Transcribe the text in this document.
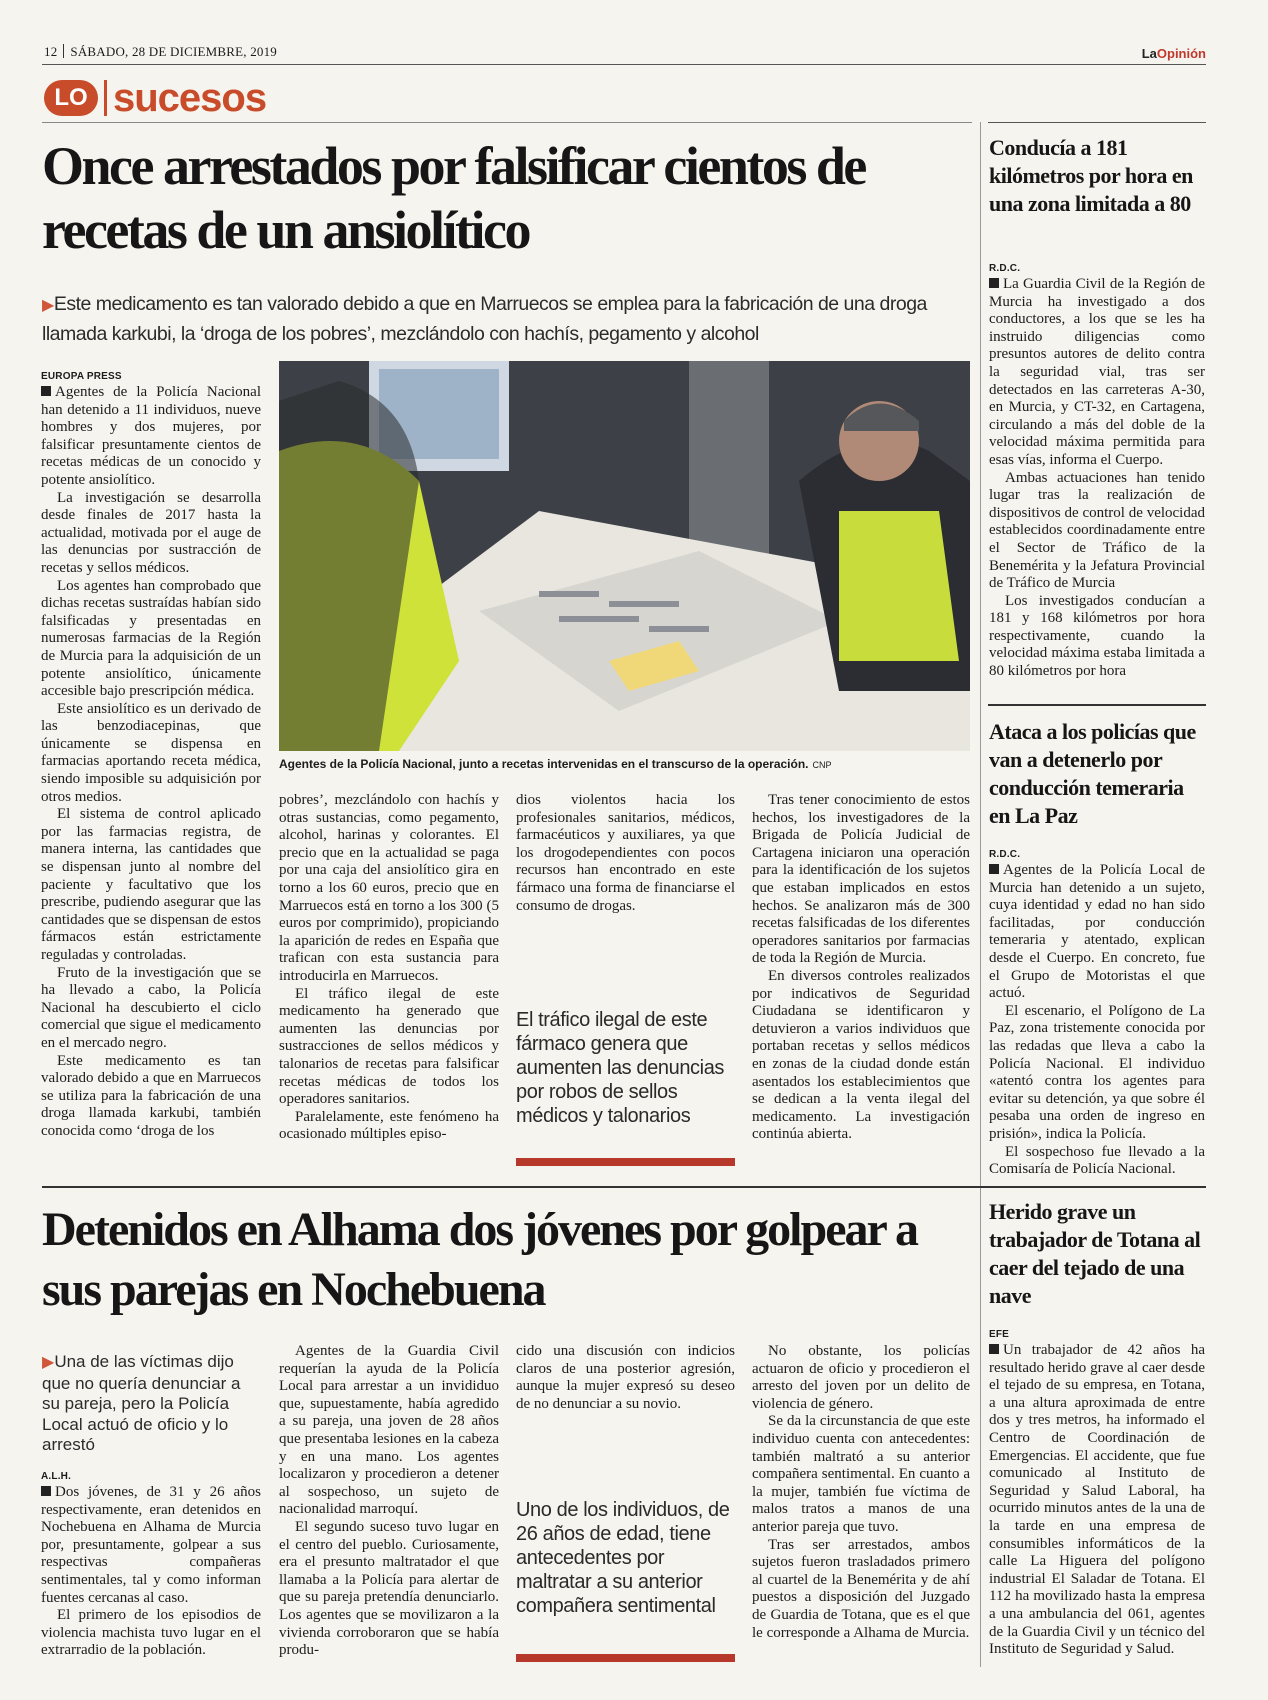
12 SÁBADO, 28 DE DICIEMBRE, 2019	LaOpinión
LO sucesos
Once arrestados por falsificar cientos de recetas de un ansiolítico
▶Este medicamento es tan valorado debido a que en Marruecos se emplea para la fabricación de una droga llamada karkubi, la ‘droga de los pobres’, mezclándolo con hachís, pegamento y alcohol
EUROPA PRESS

Agentes de la Policía Nacional han detenido a 11 individuos, nueve hombres y dos mujeres, por falsificar presuntamente cientos de recetas médicas de un conocido y potente ansiolítico.

La investigación se desarrolla desde finales de 2017 hasta la actualidad, motivada por el auge de las denuncias por sustracción de recetas y sellos médicos.

Los agentes han comprobado que dichas recetas sustraídas habían sido falsificadas y presentadas en numerosas farmacias de la Región de Murcia para la adquisición de un potente ansiolítico, únicamente accesible bajo prescripción médica.

Este ansiolítico es un derivado de las benzodiacepinas, que únicamente se dispensa en farmacias aportando receta médica, siendo imposible su adquisición por otros medios.

El sistema de control aplicado por las farmacias registra, de manera interna, las cantidades que se dispensan junto al nombre del paciente y facultativo que los prescribe, pudiendo asegurar que las cantidades que se dispensan de estos fármacos están estrictamente reguladas y controladas.

Fruto de la investigación que se ha llevado a cabo, la Policía Nacional ha descubierto el ciclo comercial que sigue el medicamento en el mercado negro.

Este medicamento es tan valorado debido a que en Marruecos se utiliza para la fabricación de una droga llamada karkubi, también conocida como ‘droga de los

Agentes de la Policía Nacional, junto a recetas intervenidas en el transcurso de la operación. CNP

pobres’, mezclándolo con hachís y otras sustancias, como pegamento, alcohol, harinas y colorantes. El precio que en la actualidad se paga por una caja del ansiolítico gira en torno a los 60 euros, precio que en Marruecos está en torno a los 300 (5 euros por comprimido), propiciando la aparición de redes en España que trafican con esta sustancia para introducirla en Marruecos.

El tráfico ilegal de este medicamento ha generado que aumenten las denuncias por sustracciones de sellos médicos y talonarios de recetas para falsificar recetas médicas de todos los operadores sanitarios.

Paralelamente, este fenómeno ha ocasionado múltiples episo-

dios violentos hacia los profesionales sanitarios, médicos, farmacéuticos y auxiliares, ya que los drogodependientes con pocos recursos han encontrado en este fármaco una forma de financiarse el consumo de drogas.

El tráfico ilegal de este fármaco genera que aumenten las denuncias por robos de sellos médicos y talonarios

Tras tener conocimiento de estos hechos, los investigadores de la Brigada de Policía Judicial de Cartagena iniciaron una operación para la identificación de los sujetos que estaban implicados en estos hechos. Se analizaron más de 300 recetas falsificadas de los diferentes operadores sanitarios por farmacias de toda la Región de Murcia.

En diversos controles realizados por indicativos de Seguridad Ciudadana se identificaron y detuvieron a varios individuos que portaban recetas y sellos médicos en zonas de la ciudad donde están asentados los establecimientos que se dedican a la venta ilegal del medicamento. La investigación continúa abierta.

Conducía a 181 kilómetros por hora en una zona limitada a 80
R.D.C.

La Guardia Civil de la Región de Murcia ha investigado a dos conductores, a los que se les ha instruido diligencias como presuntos autores de delito contra la seguridad vial, tras ser detectados en las carreteras A-30, en Murcia, y CT-32, en Cartagena, circulando a más del doble de la velocidad máxima permitida para esas vías, informa el Cuerpo.

Ambas actuaciones han tenido lugar tras la realización de dispositivos de control de velocidad establecidos coordinadamente entre el Sector de Tráfico de la Benemérita y la Jefatura Provincial de Tráfico de Murcia

Los investigados conducían a 181 y 168 kilómetros por hora respectivamente, cuando la velocidad máxima estaba limitada a 80 kilómetros por hora

Ataca a los policías que van a detenerlo por conducción temeraria en La Paz
R.D.C.

Agentes de la Policía Local de Murcia han detenido a un sujeto, cuya identidad y edad no han sido facilitadas, por conducción temeraria y atentado, explican desde el Cuerpo. En concreto, fue el Grupo de Motoristas el que actuó.

El escenario, el Polígono de La Paz, zona tristemente conocida por las redadas que lleva a cabo la Policía Nacional. El individuo «atentó contra los agentes para evitar su detención, ya que sobre él pesaba una orden de ingreso en prisión», indica la Policía.

El sospechoso fue llevado a la Comisaría de Policía Nacional.

Herido grave un trabajador de Totana al caer del tejado de una nave
EFE

Un trabajador de 42 años ha resultado herido grave al caer desde el tejado de su empresa, en Totana, a una altura aproximada de entre dos y tres metros, ha informado el Centro de Coordinación de Emergencias. El accidente, que fue comunicado al Instituto de Seguridad y Salud Laboral, ha ocurrido minutos antes de la una de la tarde en una empresa de consumibles informáticos de la calle La Higuera del polígono industrial El Saladar de Totana. El 112 ha movilizado hasta la empresa a una ambulancia del 061, agentes de la Guardia Civil y un técnico del Instituto de Seguridad y Salud.

Detenidos en Alhama dos jóvenes por golpear a sus parejas en Nochebuena
▶Una de las víctimas dijo que no quería denunciar a su pareja, pero la Policía Local actuó de oficio y lo arrestó
A.L.H.

Dos jóvenes, de 31 y 26 años respectivamente, eran detenidos en Nochebuena en Alhama de Murcia por, presuntamente, golpear a sus respectivas compañeras sentimentales, tal y como informan fuentes cercanas al caso.

El primero de los episodios de violencia machista tuvo lugar en el extrarradio de la población.

Agentes de la Guardia Civil requerían la ayuda de la Policía Local para arrestar a un invididuo que, supuestamente, había agredido a su pareja, una joven de 28 años que presentaba lesiones en la cabeza y en una mano. Los agentes localizaron y procedieron a detener al sospechoso, un sujeto de nacionalidad marroquí.

El segundo suceso tuvo lugar en el centro del pueblo. Curiosamente, era el presunto maltratador el que llamaba a la Policía para alertar de que su pareja pretendía denunciarlo. Los agentes que se movilizaron a la vivienda corroboraron que se había produ-

cido una discusión con indicios claros de una posterior agresión, aunque la mujer expresó su deseo de no denunciar a su novio.

Uno de los individuos, de 26 años de edad, tiene antecedentes por maltratar a su anterior compañera sentimental

No obstante, los policías actuaron de oficio y procedieron el arresto del joven por un delito de violencia de género.

Se da la circunstancia de que este individuo cuenta con antecedentes: también maltrató a su anterior compañera sentimental. En cuanto a la mujer, también fue víctima de malos tratos a manos de una anterior pareja que tuvo.

Tras ser arrestados, ambos sujetos fueron trasladados primero al cuartel de la Benemérita y de ahí puestos a disposición del Juzgado de Guardia de Totana, que es el que le corresponde a Alhama de Murcia.
